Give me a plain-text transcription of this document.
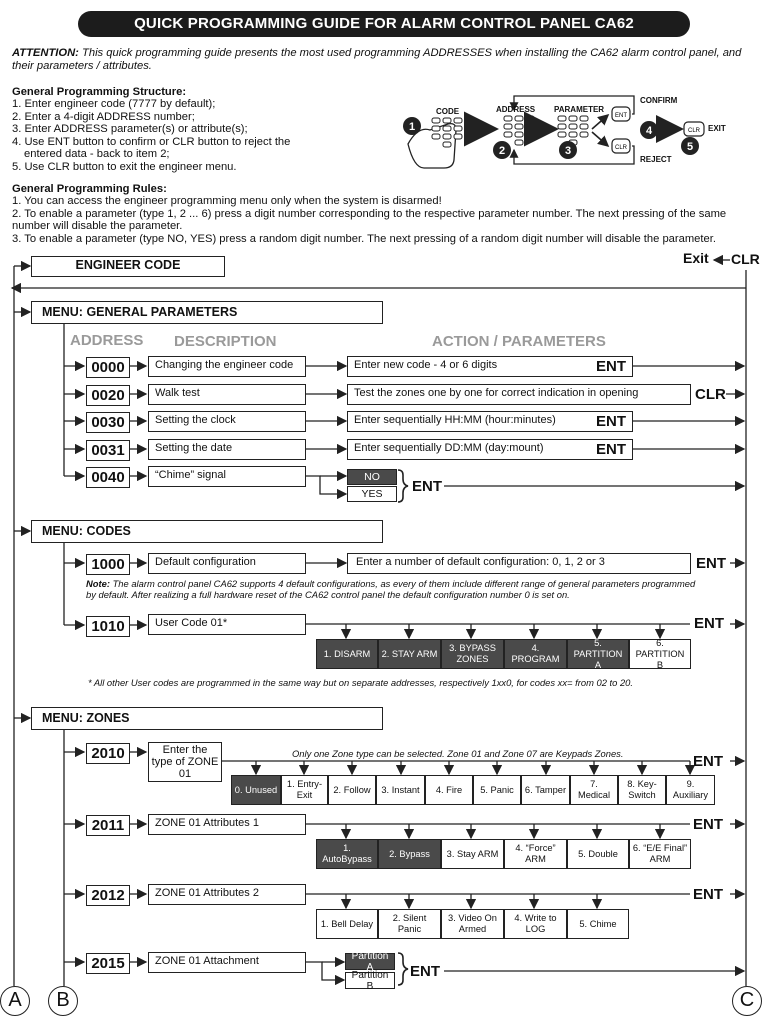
QUICK PROGRAMMING GUIDE FOR ALARM CONTROL PANEL CA62
ATTENTION: This quick programming guide presents the most used programming ADDRESSES when installing the CA62 alarm control panel, and their parameters / attributes.
General Programming Structure:
1. Enter engineer code (7777 by default);
2. Enter a 4-digit ADDRESS number;
3. Enter ADDRESS parameter(s) or attribute(s);
4. Use ENT button to confirm or CLR button to reject the
entered data - back to item 2;
5. Use CLR button to exit the engineer menu.
ENT
CLR
CLR
CODE	ADDRESS PARAMETER
CONFIRM
REJECT
EXIT
1
2	3
4
5
General Programming Rules:
1. You can access the engineer programming menu only when the system is disarmed!
2. To enable a parameter (type 1, 2 ... 6) press a digit number corresponding to the respective parameter number. The next pressing of the same number will disable the parameter.
3. To enable a parameter (type NO, YES) press a random digit number. The next pressing of a random digit number will disable the parameter.
ENGINEER CODE	Exit CLR
MENU: GENERAL PARAMETERS
ADDRESS DESCRIPTION	ACTION / PARAMETERS
0000	Changing the engineer code	Enter new code - 4 or 6 digits	ENT
0020	Walk test	Test the zones one by one for correct indication in opening	CLR
0030	Setting the clock	Enter sequentially HH:MM (hour:minutes)	ENT
0031	Setting the date	Enter sequentially DD:MM (day:mount)	ENT
0040	“Chime” signal	NO
YES	ENT
MENU: CODES
1000	Default configuration	Enter a number of default configuration: 0, 1, 2 or 3	ENT
Note: The alarm control panel CA62 supports 4 default configurations, as every of them include different range of general parameters programmed by default. After realizing a full hardware reset of the CA62 control panel the default configuration number 0 is set on.
1010	User Code 01*	ENT
1. DISARM	2. STAY ARM
3. BYPASS ZONES
4. PROGRAM
5. PARTITION A
6. PARTITION B
* All other User codes are programmed in the same way but on separate addresses, respectively 1xx0, for codes xx= from 02 to 20.
MENU: ZONES
2010	Enter the type of ZONE 01
Only one Zone type can be selected. Zone 01 and Zone 07 are Keypads Zones.	ENT
0. Unused
1. Entry-Exit
2. Follow	3. Instant	4. Fire	5. Panic	6. Tamper
7. Medical
8. Key-Switch
9. Auxiliary
2011	ZONE 01 Attributes 1	ENT
1. AutoBypass
2. Bypass	3. Stay ARM
4. “Force” ARM
5. Double
6. “E/E Final” ARM
2012	ZONE 01 Attributes 2	ENT
1. Bell Delay
2. Silent Panic
3. Video On Armed
4. Write to LOG
5. Chime
2015	ZONE 01 Attachment	Partition A
Partition B
ENT
A	B	C
